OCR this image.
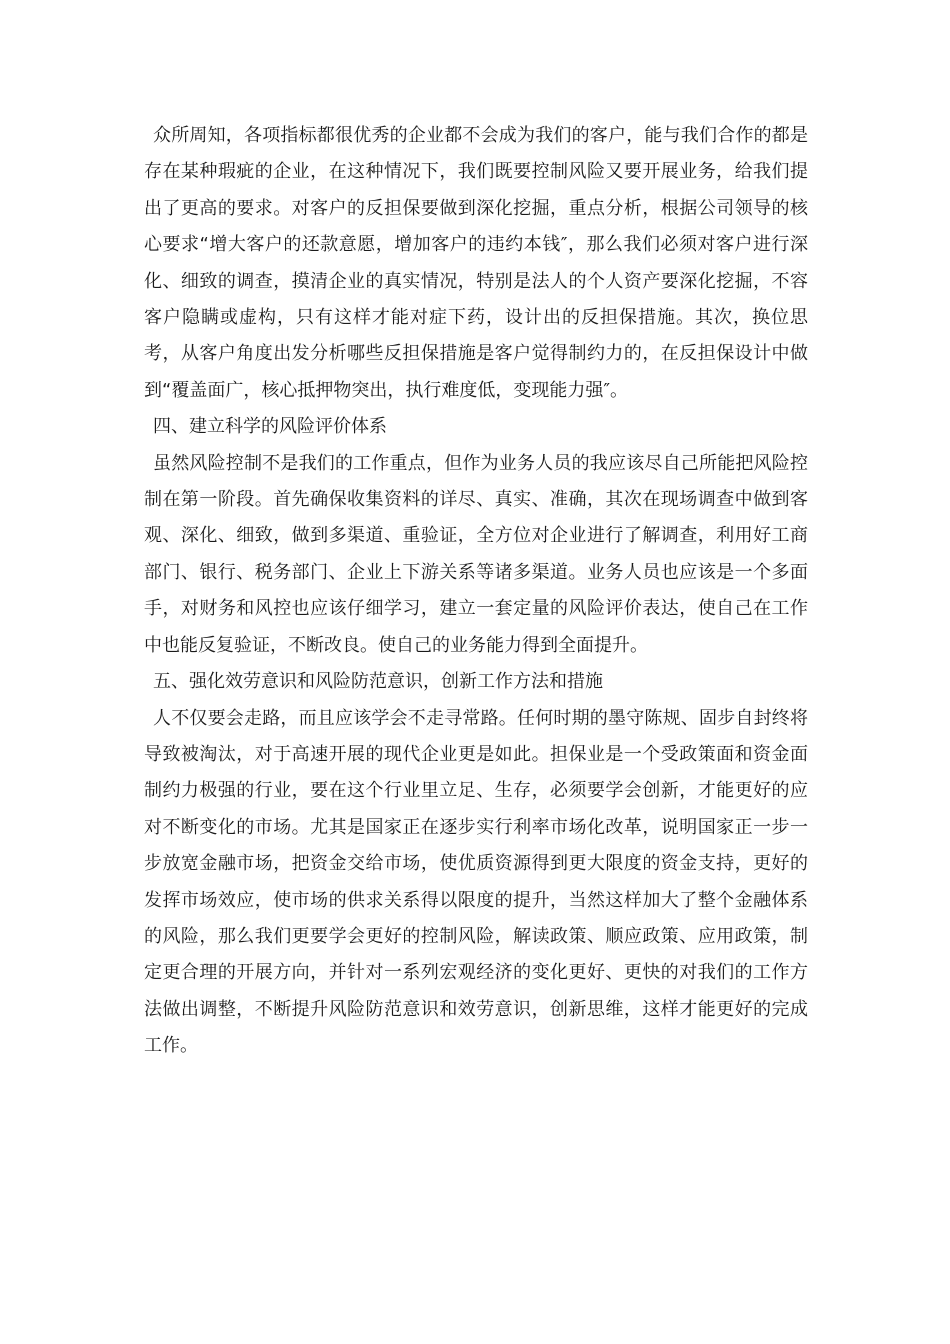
众所周知，各项指标都很优秀的企业都不会成为我们的客户，能与我们合作的都是存在某种瑕疵的企业，在这种情况下，我们既要控制风险又要开展业务，给我们提出了更高的要求。对客户的反担保要做到深化挖掘，重点分析，根据公司领导的核心要求“增大客户的还款意愿，增加客户的违约本钱″，那么我们必须对客户进行深化、细致的调查，摸清企业的真实情况，特别是法人的个人资产要深化挖掘，不容客户隐瞒或虚构，只有这样才能对症下药，设计出的反担保措施。其次，换位思考，从客户角度出发分析哪些反担保措施是客户觉得制约力的，在反担保设计中做到“覆盖面广，核心抵押物突出，执行难度低，变现能力强″。

四、建立科学的风险评价体系

虽然风险控制不是我们的工作重点，但作为业务人员的我应该尽自己所能把风险控制在第一阶段。首先确保收集资料的详尽、真实、准确，其次在现场调查中做到客观、深化、细致，做到多渠道、重验证，全方位对企业进行了解调查，利用好工商部门、银行、税务部门、企业上下游关系等诸多渠道。业务人员也应该是一个多面手，对财务和风控也应该仔细学习，建立一套定量的风险评价表达，使自己在工作中也能反复验证，不断改良。使自己的业务能力得到全面提升。

五、强化效劳意识和风险防范意识，创新工作方法和措施

人不仅要会走路，而且应该学会不走寻常路。任何时期的墨守陈规、固步自封终将导致被淘汰，对于高速开展的现代企业更是如此。担保业是一个受政策面和资金面制约力极强的行业，要在这个行业里立足、生存，必须要学会创新，才能更好的应对不断变化的市场。尤其是国家正在逐步实行利率市场化改革，说明国家正一步一步放宽金融市场，把资金交给市场，使优质资源得到更大限度的资金支持，更好的发挥市场效应，使市场的供求关系得以限度的提升，当然这样加大了整个金融体系的风险，那么我们更要学会更好的控制风险，解读政策、顺应政策、应用政策，制定更合理的开展方向，并针对一系列宏观经济的变化更好、更快的对我们的工作方法做出调整，不断提升风险防范意识和效劳意识，创新思维，这样才能更好的完成工作。
